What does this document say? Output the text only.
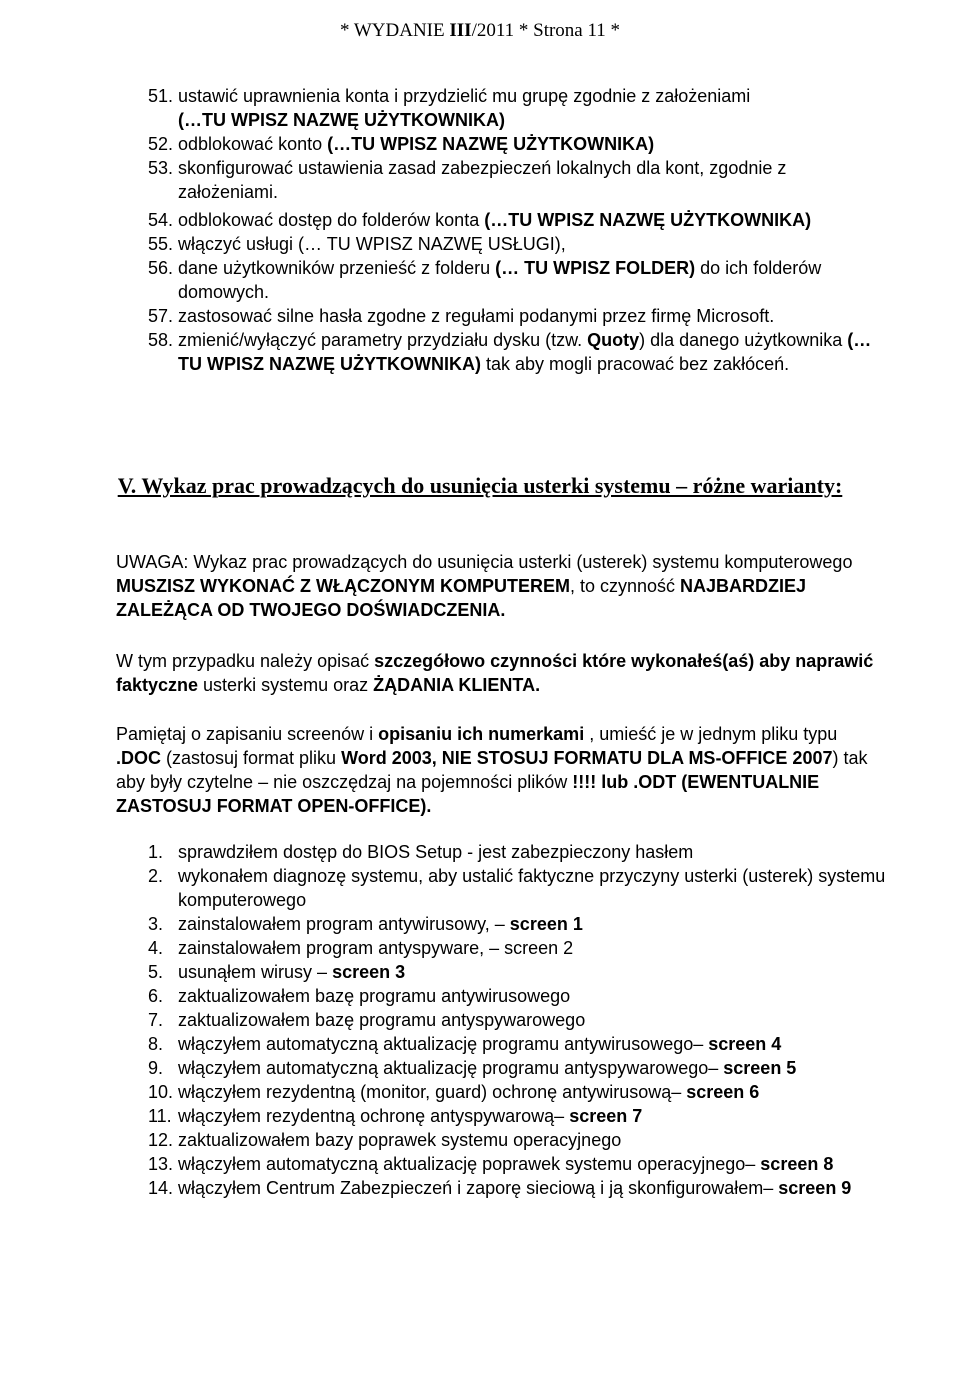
* WYDANIE III/2011 * Strona 11 *
51. ustawić uprawnienia konta i przydzielić mu grupę zgodnie z założeniami
(…TU WPISZ NAZWĘ UŻYTKOWNIKA)
52. odblokować konto (…TU WPISZ NAZWĘ UŻYTKOWNIKA)
53. skonfigurować ustawienia zasad zabezpieczeń lokalnych dla kont, zgodnie z założeniami.
54. odblokować dostęp do folderów konta (…TU WPISZ NAZWĘ UŻYTKOWNIKA)
55. włączyć usługi (… TU WPISZ NAZWĘ USŁUGI),
56. dane użytkowników przenieść z folderu (… TU WPISZ FOLDER) do ich folderów domowych.
57. zastosować silne hasła zgodne z regułami podanymi przez firmę Microsoft.
58. zmienić/wyłączyć parametry przydziału dysku (tzw. Quoty) dla danego użytkownika (…TU WPISZ NAZWĘ UŻYTKOWNIKA) tak aby mogli pracować bez zakłóceń.
V. Wykaz prac prowadzących do usunięcia usterki systemu – różne warianty:
UWAGA: Wykaz prac prowadzących do usunięcia usterki (usterek) systemu komputerowego MUSZISZ WYKONAĆ Z WŁĄCZONYM KOMPUTEREM, to czynność NAJBARDZIEJ ZALEŻĄCA OD TWOJEGO DOŚWIADCZENIA.
W tym przypadku należy opisać szczegółowo czynności które wykonałeś(aś) aby naprawić faktyczne usterki systemu oraz ŻĄDANIA KLIENTA.
Pamiętaj o zapisaniu screenów i opisaniu ich numerkami , umieść je w jednym pliku typu .DOC (zastosuj format pliku Word 2003, NIE STOSUJ FORMATU DLA MS-OFFICE 2007) tak aby były czytelne – nie oszczędzaj na pojemności plików !!!! lub .ODT (EWENTUALNIE ZASTOSUJ FORMAT OPEN-OFFICE).
1. sprawdziłem dostęp do BIOS Setup - jest zabezpieczony hasłem
2. wykonałem diagnozę systemu, aby ustalić faktyczne przyczyny usterki (usterek) systemu komputerowego
3. zainstalowałem program antywirusowy, – screen 1
4. zainstalowałem program antyspyware, – screen 2
5. usunąłem wirusy – screen 3
6. zaktualizowałem bazę programu antywirusowego
7. zaktualizowałem bazę programu antyspywarowego
8. włączyłem automatyczną aktualizację programu antywirusowego– screen 4
9. włączyłem automatyczną aktualizację programu antyspywarowego– screen 5
10. włączyłem rezydentną (monitor, guard) ochronę antywirusową– screen 6
11. włączyłem rezydentną ochronę antyspywarową– screen 7
12. zaktualizowałem bazy poprawek systemu operacyjnego
13. włączyłem automatyczną aktualizację poprawek systemu operacyjnego– screen 8
14. włączyłem Centrum Zabezpieczeń i zaporę sieciową i ją skonfigurowałem– screen 9
